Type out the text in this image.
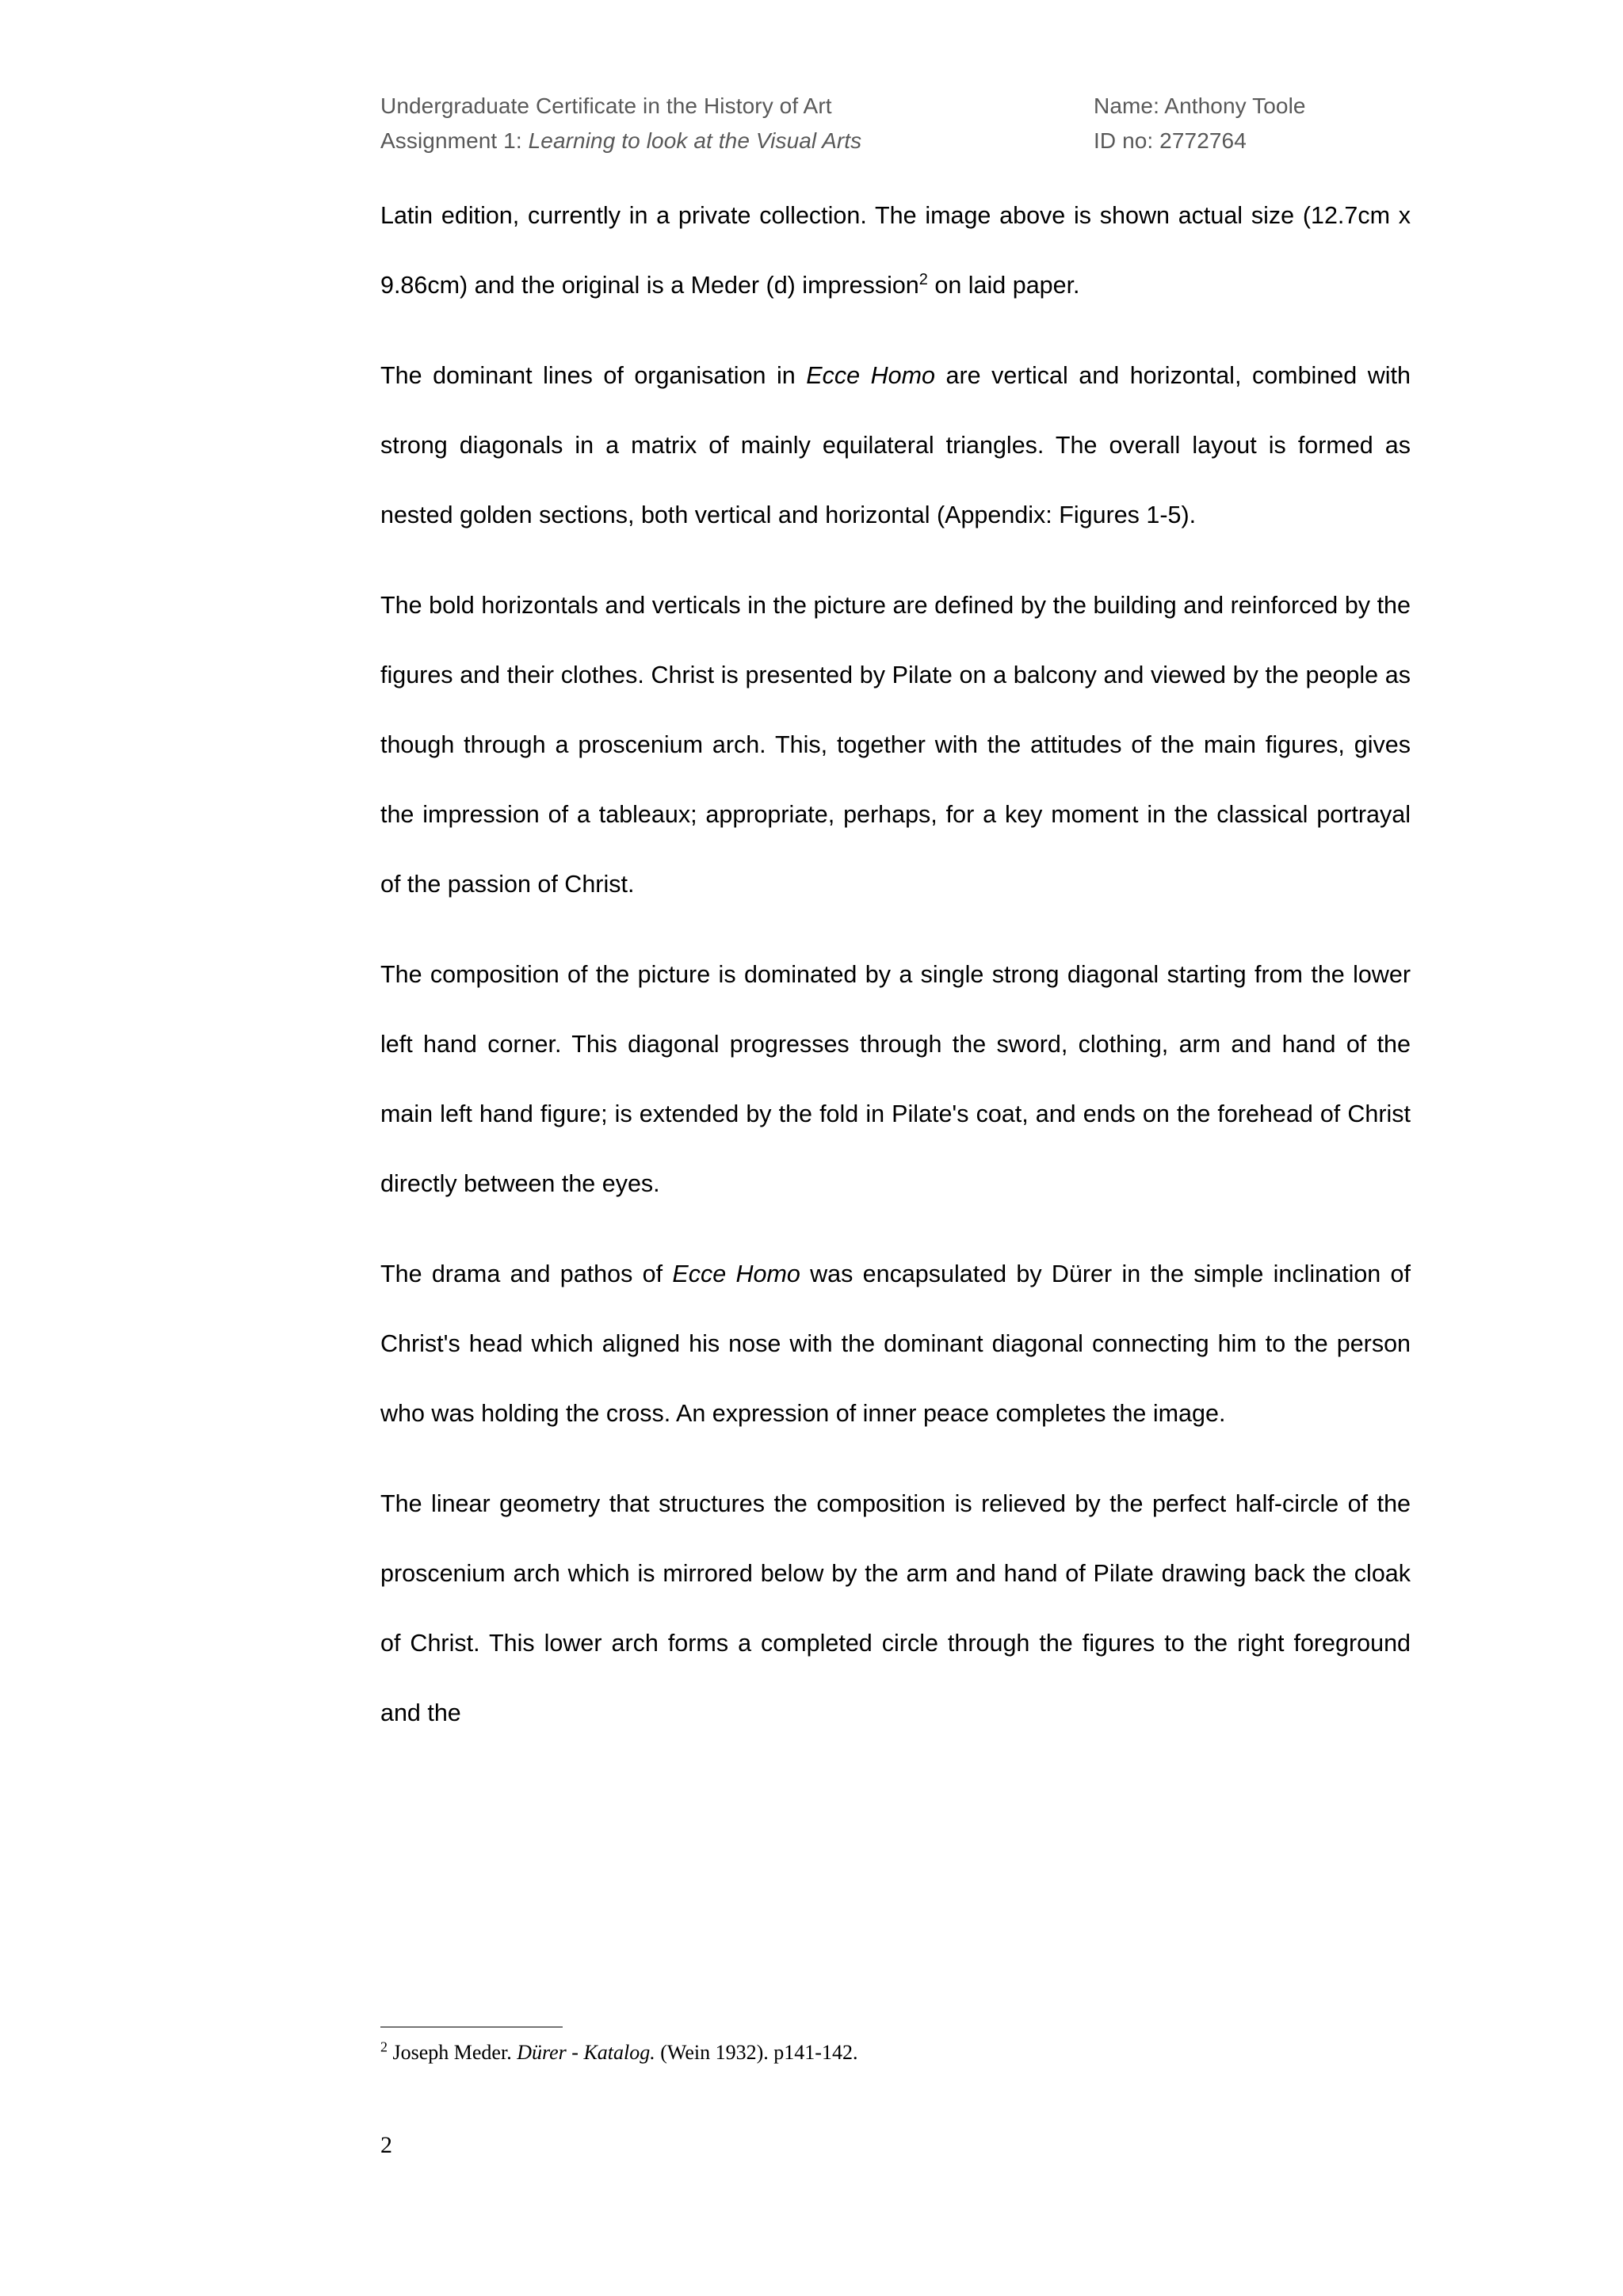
Undergraduate Certificate in the History of Art	Name: Anthony Toole
Assignment 1: Learning to look at the Visual Arts	ID no: 2772764

Latin edition, currently in a private collection. The image above is shown actual size (12.7cm x 9.86cm) and the original is a Meder (d) impression$^2$ on laid paper.

The dominant lines of organisation in Ecce Homo are vertical and horizontal, combined with strong diagonals in a matrix of mainly equilateral triangles. The overall layout is formed as nested golden sections, both vertical and horizontal (Appendix: Figures 1-5).

The bold horizontals and verticals in the picture are defined by the building and reinforced by the figures and their clothes. Christ is presented by Pilate on a balcony and viewed by the people as though through a proscenium arch. This, together with the attitudes of the main figures, gives the impression of a tableaux; appropriate, perhaps, for a key moment in the classical portrayal of the passion of Christ.

The composition of the picture is dominated by a single strong diagonal starting from the lower left hand corner. This diagonal progresses through the sword, clothing, arm and hand of the main left hand figure; is extended by the fold in Pilate's coat, and ends on the forehead of Christ directly between the eyes.

The drama and pathos of Ecce Homo was encapsulated by Dürer in the simple inclination of Christ's head which aligned his nose with the dominant diagonal connecting him to the person who was holding the cross. An expression of inner peace completes the image.

The linear geometry that structures the composition is relieved by the perfect half-circle of the proscenium arch which is mirrored below by the arm and hand of Pilate drawing back the cloak of Christ. This lower arch forms a completed circle through the figures to the right foreground and the

$^2$ Joseph Meder. Dürer - Katalog. (Wein 1932). p141-142.
2
